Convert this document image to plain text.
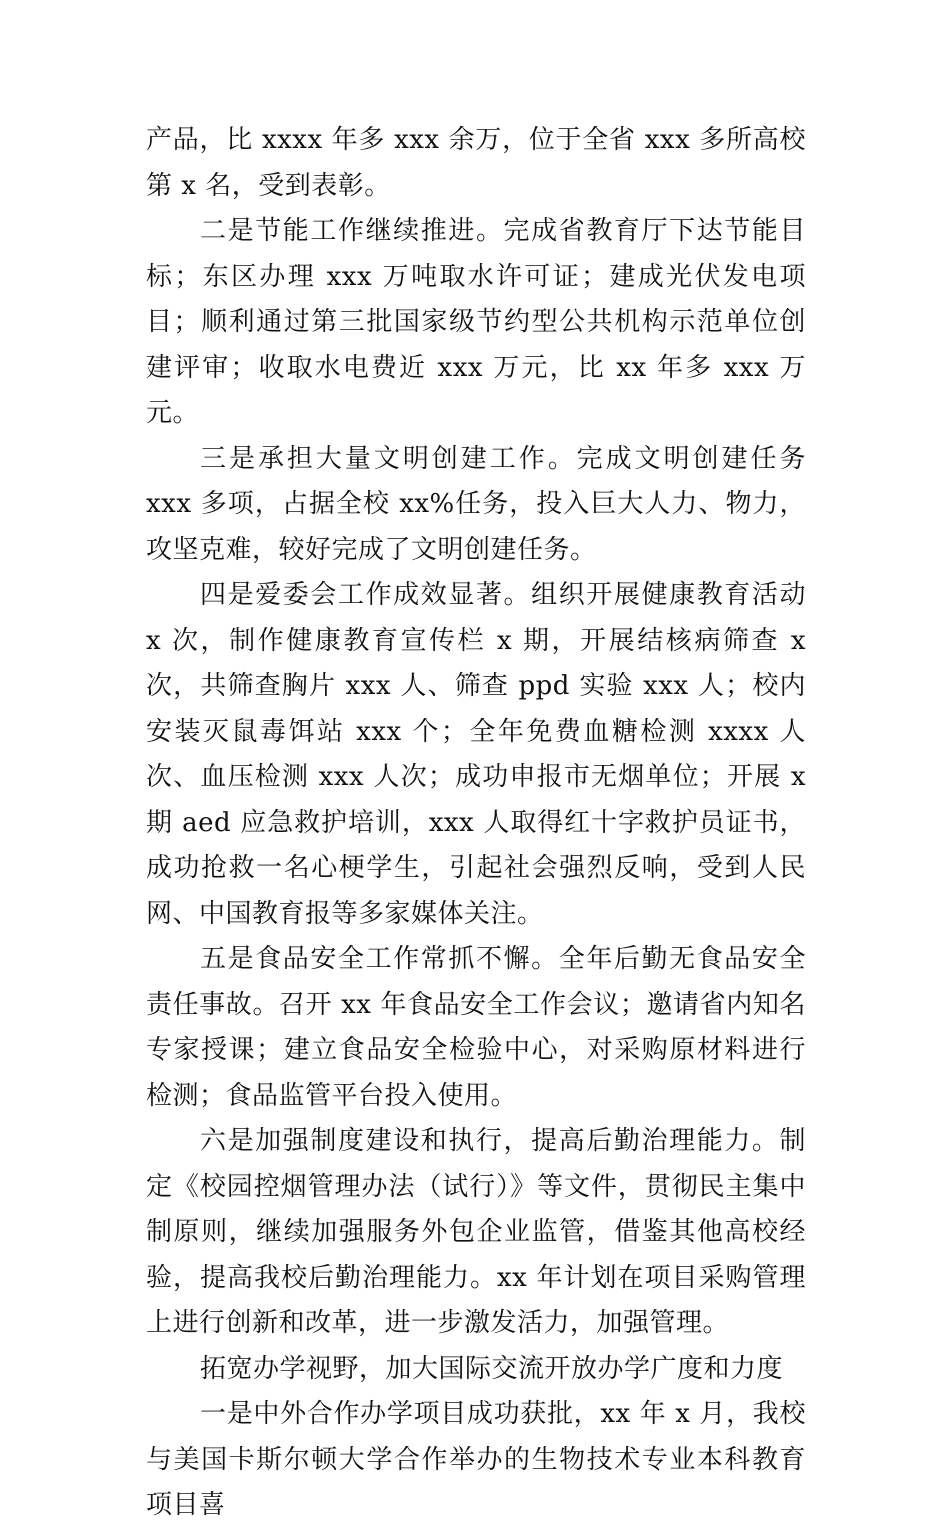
产品，比 xxxx 年多 xxx 余万，位于全省 xxx 多所高校第 x 名，受到表彰。

二是节能工作继续推进。完成省教育厅下达节能目标；东区办理 xxx 万吨取水许可证；建成光伏发电项目；顺利通过第三批国家级节约型公共机构示范单位创建评审；收取水电费近 xxx 万元，比 xx 年多 xxx 万元。

三是承担大量文明创建工作。完成文明创建任务 xxx 多项，占据全校 xx%任务，投入巨大人力、物力，攻坚克难，较好完成了文明创建任务。

四是爱委会工作成效显著。组织开展健康教育活动 x 次，制作健康教育宣传栏 x 期，开展结核病筛查 x 次，共筛查胸片 xxx 人、筛查 ppd 实验 xxx 人；校内安装灭鼠毒饵站 xxx 个；全年免费血糖检测 xxxx 人次、血压检测 xxx 人次；成功申报市无烟单位；开展 x 期 aed 应急救护培训，xxx 人取得红十字救护员证书，成功抢救一名心梗学生，引起社会强烈反响，受到人民网、中国教育报等多家媒体关注。

五是食品安全工作常抓不懈。全年后勤无食品安全责任事故。召开 xx 年食品安全工作会议；邀请省内知名专家授课；建立食品安全检验中心，对采购原材料进行检测；食品监管平台投入使用。

六是加强制度建设和执行，提高后勤治理能力。制定《校园控烟管理办法（试行）》等文件，贯彻民主集中制原则，继续加强服务外包企业监管，借鉴其他高校经验，提高我校后勤治理能力。xx 年计划在项目采购管理上进行创新和改革，进一步激发活力，加强管理。

拓宽办学视野，加大国际交流开放办学广度和力度

一是中外合作办学项目成功获批，xx 年 x 月，我校与美国卡斯尔顿大学合作举办的生物技术专业本科教育项目喜
